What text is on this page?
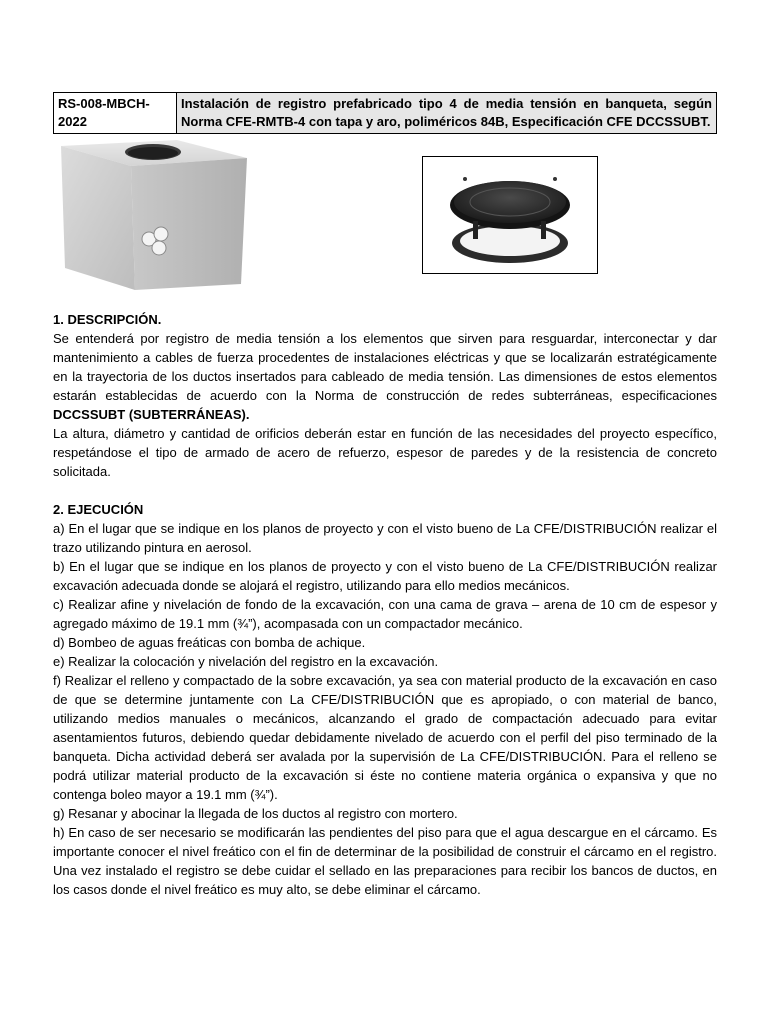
RS-008-MBCH-2022	Instalación de registro prefabricado tipo 4 de media tensión en banqueta, según Norma CFE-RMTB-4 con tapa y aro, poliméricos 84B, Especificación CFE DCCSSUBT.

1. DESCRIPCIÓN.

Se entenderá por registro de media tensión a los elementos que sirven para resguardar, interconectar y dar mantenimiento a cables de fuerza procedentes de instalaciones eléctricas y que se localizarán estratégicamente en la trayectoria de los ductos insertados para cableado de media tensión. Las dimensiones de estos elementos estarán establecidas de acuerdo con la Norma de construcción de redes subterráneas, especificaciones DCCSSUBT (SUBTERRÁNEAS).

La altura, diámetro y cantidad de orificios deberán estar en función de las necesidades del proyecto específico, respetándose el tipo de armado de acero de refuerzo, espesor de paredes y de la resistencia de concreto solicitada.

2. EJECUCIÓN

a) En el lugar que se indique en los planos de proyecto y con el visto bueno de La CFE/DISTRIBUCIÓN realizar el trazo utilizando pintura en aerosol.

b) En el lugar que se indique en los planos de proyecto y con el visto bueno de La CFE/DISTRIBUCIÓN realizar excavación adecuada donde se alojará el registro, utilizando para ello medios mecánicos.

c) Realizar afine y nivelación de fondo de la excavación, con una cama de grava – arena de 10 cm de espesor y agregado máximo de 19.1 mm (¾”), acompasada con un compactador mecánico.

d) Bombeo de aguas freáticas con bomba de achique.

e) Realizar la colocación y nivelación del registro en la excavación.

f) Realizar el relleno y compactado de la sobre excavación, ya sea con material producto de la excavación en caso de que se determine juntamente con La CFE/DISTRIBUCIÓN que es apropiado, o con material de banco, utilizando medios manuales o mecánicos, alcanzando el grado de compactación adecuado para evitar asentamientos futuros, debiendo quedar debidamente nivelado de acuerdo con el perfil del piso terminado de la banqueta. Dicha actividad deberá ser avalada por la supervisión de La CFE/DISTRIBUCIÓN. Para el relleno se podrá utilizar material producto de la excavación si éste no contiene materia orgánica o expansiva y que no contenga boleo mayor a 19.1 mm (¾”).

g) Resanar y abocinar la llegada de los ductos al registro con mortero.

h) En caso de ser necesario se modificarán las pendientes del piso para que el agua descargue en el cárcamo. Es importante conocer el nivel freático con el fin de determinar de la posibilidad de construir el cárcamo en el registro. Una vez instalado el registro se debe cuidar el sellado en las preparaciones para recibir los bancos de ductos, en los casos donde el nivel freático es muy alto, se debe eliminar el cárcamo.
